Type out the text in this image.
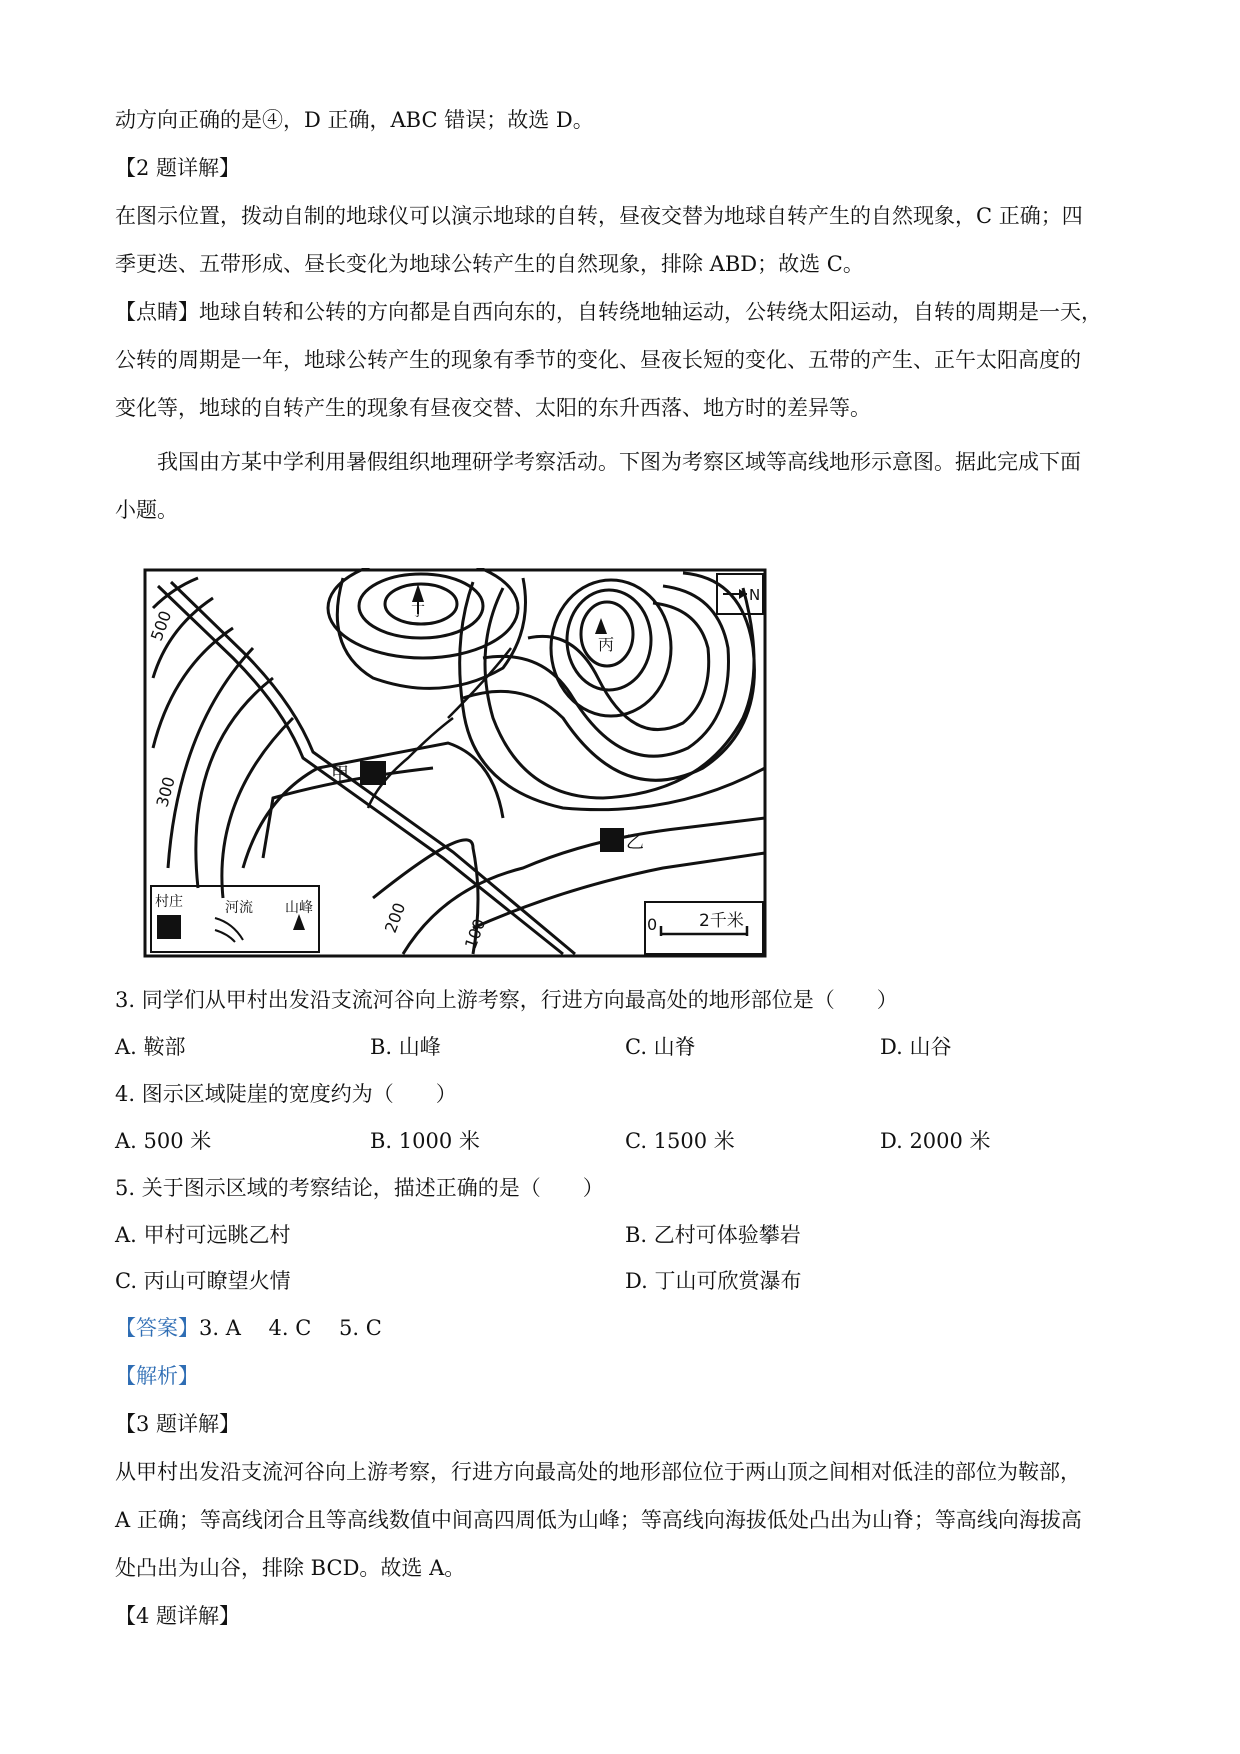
动方向正确的是④，D 正确，ABC 错误；故选 D。
【2 题详解】
在图示位置，拨动自制的地球仪可以演示地球的自转，昼夜交替为地球自转产生的自然现象，C 正确；四
季更迭、五带形成、昼长变化为地球公转产生的自然现象，排除 ABD；故选 C。
【点睛】地球自转和公转的方向都是自西向东的，自转绕地轴运动，公转绕太阳运动，自转的周期是一天，
公转的周期是一年，地球公转产生的现象有季节的变化、昼夜长短的变化、五带的产生、正午太阳高度的
变化等，地球的自转产生的现象有昼夜交替、太阳的东升西落、地方时的差异等。
我国由方某中学利用暑假组织地理研学考察活动。下图为考察区域等高线地形示意图。据此完成下面
小题。
N
甲
乙
丙
丁
500
300
200	100	0 2千米
村庄	河流 山峰
3. 同学们从甲村出发沿支流河谷向上游考察，行进方向最高处的地形部位是（　　）
A. 鞍部	B. 山峰	C. 山脊	D. 山谷
4. 图示区域陡崖的宽度约为（　　）
A. 500 米	B. 1000 米	C. 1500 米	D. 2000 米
5. 关于图示区域的考察结论，描述正确的是（　　）
A. 甲村可远眺乙村	B. 乙村可体验攀岩
C. 丙山可瞭望火情	D. 丁山可欣赏瀑布
【答案】3. A　 4. C　 5. C
【解析】
【3 题详解】
从甲村出发沿支流河谷向上游考察，行进方向最高处的地形部位位于两山顶之间相对低洼的部位为鞍部，
A 正确；等高线闭合且等高线数值中间高四周低为山峰；等高线向海拔低处凸出为山脊；等高线向海拔高
处凸出为山谷，排除 BCD。故选 A。
【4 题详解】
